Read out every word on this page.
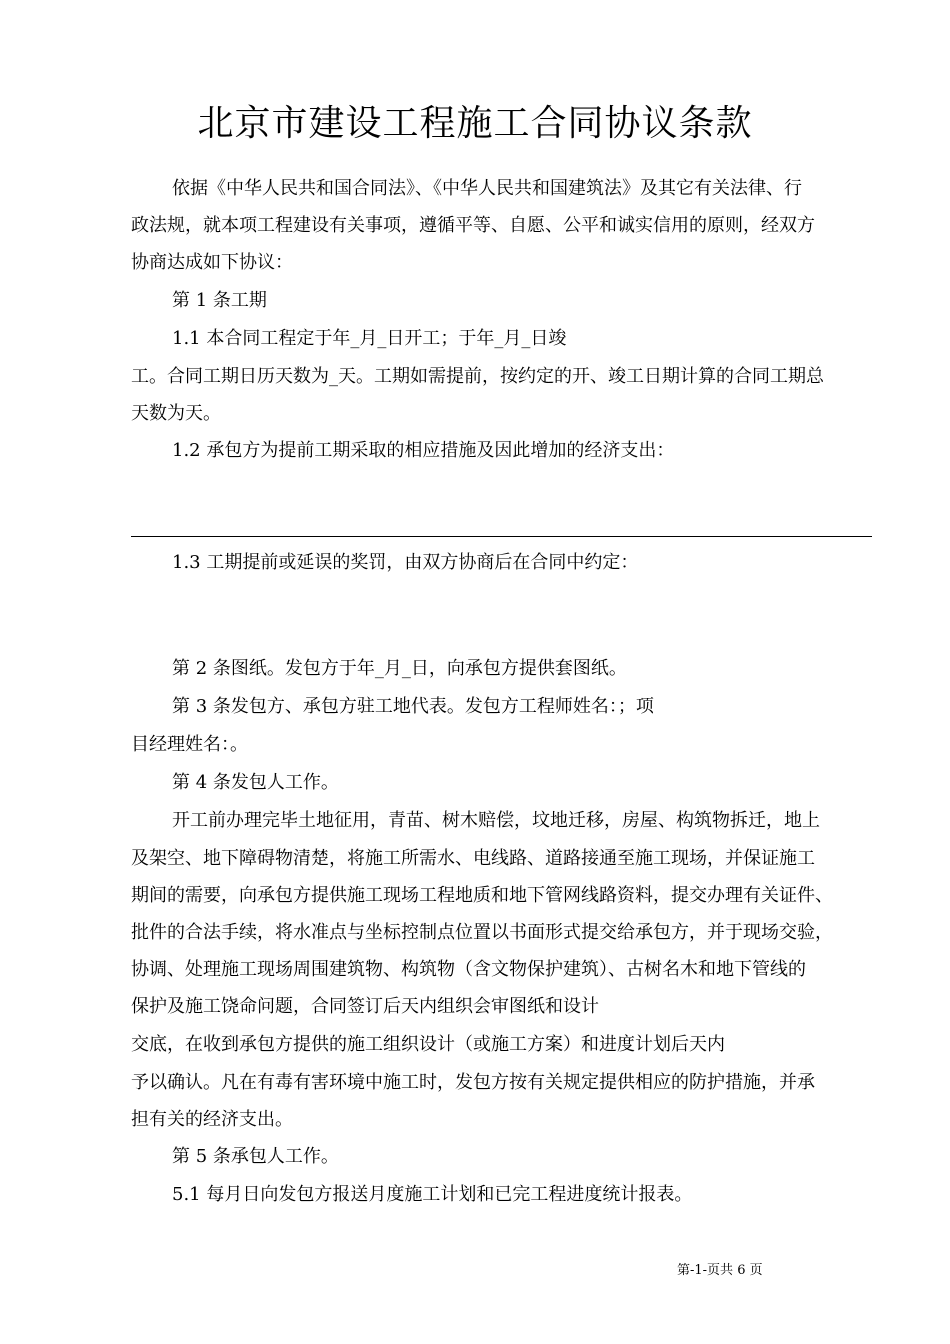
北京市建设工程施工合同协议条款
依据《中华人民共和国合同法》、《中华人民共和国建筑法》及其它有关法律、行
政法规，就本项工程建设有关事项，遵循平等、自愿、公平和诚实信用的原则，经双方
协商达成如下协议：
第 1 条工期
1.1 本合同工程定于年_月_日开工；于年_月_日竣
工。合同工期日历天数为_天。工期如需提前，按约定的开、竣工日期计算的合同工期总
天数为天。
1.2 承包方为提前工期采取的相应措施及因此增加的经济支出：
1.3 工期提前或延误的奖罚，由双方协商后在合同中约定：
第 2 条图纸。发包方于年_月_日，向承包方提供套图纸。
第 3 条发包方、承包方驻工地代表。发包方工程师姓名：；项
目经理姓名：。
第 4 条发包人工作。
开工前办理完毕土地征用，青苗、树木赔偿，坟地迁移，房屋、构筑物拆迁，地上
及架空、地下障碍物清楚，将施工所需水、电线路、道路接通至施工现场，并保证施工
期间的需要，向承包方提供施工现场工程地质和地下管网线路资料，提交办理有关证件、
批件的合法手续，将水准点与坐标控制点位置以书面形式提交给承包方，并于现场交验，
协调、处理施工现场周围建筑物、构筑物（含文物保护建筑）、古树名木和地下管线的
保护及施工饶命问题，合同签订后天内组织会审图纸和设计
交底，在收到承包方提供的施工组织设计（或施工方案）和进度计划后天内
予以确认。凡在有毒有害环境中施工时，发包方按有关规定提供相应的防护措施，并承
担有关的经济支出。
第 5 条承包人工作。
5.1 每月日向发包方报送月度施工计划和已完工程进度统计报表。
第-1-页共 6 页
